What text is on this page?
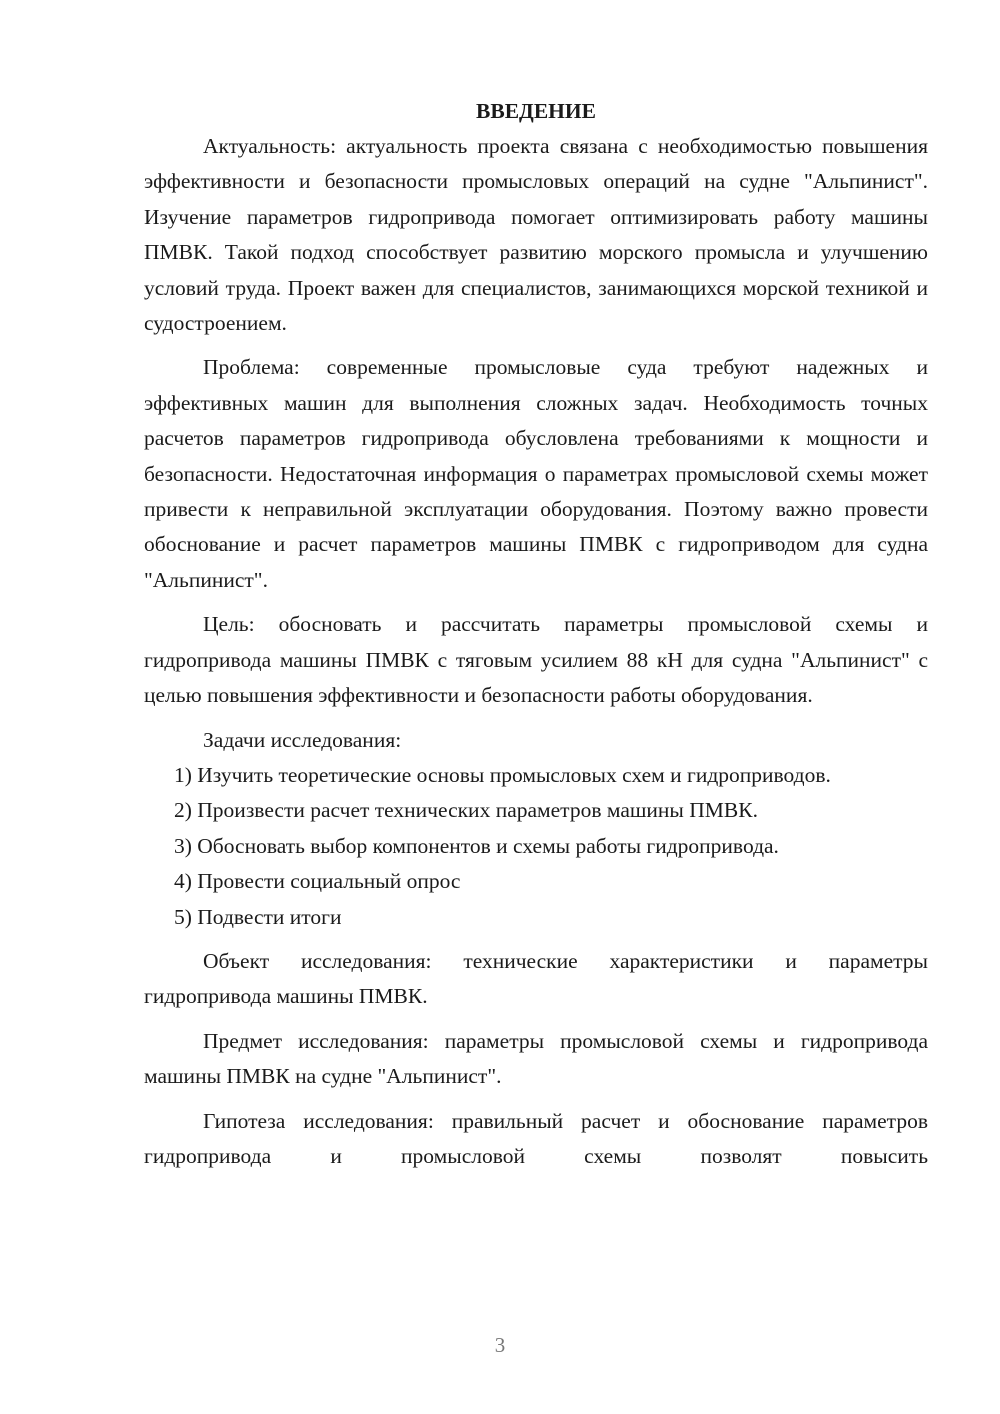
ВВЕДЕНИЕ

Актуальность: актуальность проекта связана с необходимостью повышения эффективности и безопасности промысловых операций на судне "Альпинист". Изучение параметров гидропривода помогает оптимизировать работу машины ПМВК. Такой подход способствует развитию морского промысла и улучшению условий труда. Проект важен для специалистов, занимающихся морской техникой и судостроением.

Проблема: современные промысловые суда требуют надежных и эффективных машин для выполнения сложных задач. Необходимость точных расчетов параметров гидропривода обусловлена требованиями к мощности и безопасности. Недостаточная информация о параметрах промысловой схемы может привести к неправильной эксплуатации оборудования. Поэтому важно провести обоснование и расчет параметров машины ПМВК с гидроприводом для судна "Альпинист".

Цель: обосновать и рассчитать параметры промысловой схемы и гидропривода машины ПМВК с тяговым усилием 88 кН для судна "Альпинист" с целью повышения эффективности и безопасности работы оборудования.

Задачи исследования:

1) Изучить теоретические основы промысловых схем и гидроприводов.

2) Произвести расчет технических параметров машины ПМВК.

3) Обосновать выбор компонентов и схемы работы гидропривода.

4) Провести социальный опрос

5) Подвести итоги

Объект исследования: технические характеристики и параметры гидропривода машины ПМВК.

Предмет исследования: параметры промысловой схемы и гидропривода машины ПМВК на судне "Альпинист".

Гипотеза исследования: правильный расчет и обоснование параметров гидропривода и промысловой схемы позволят повысить

3
